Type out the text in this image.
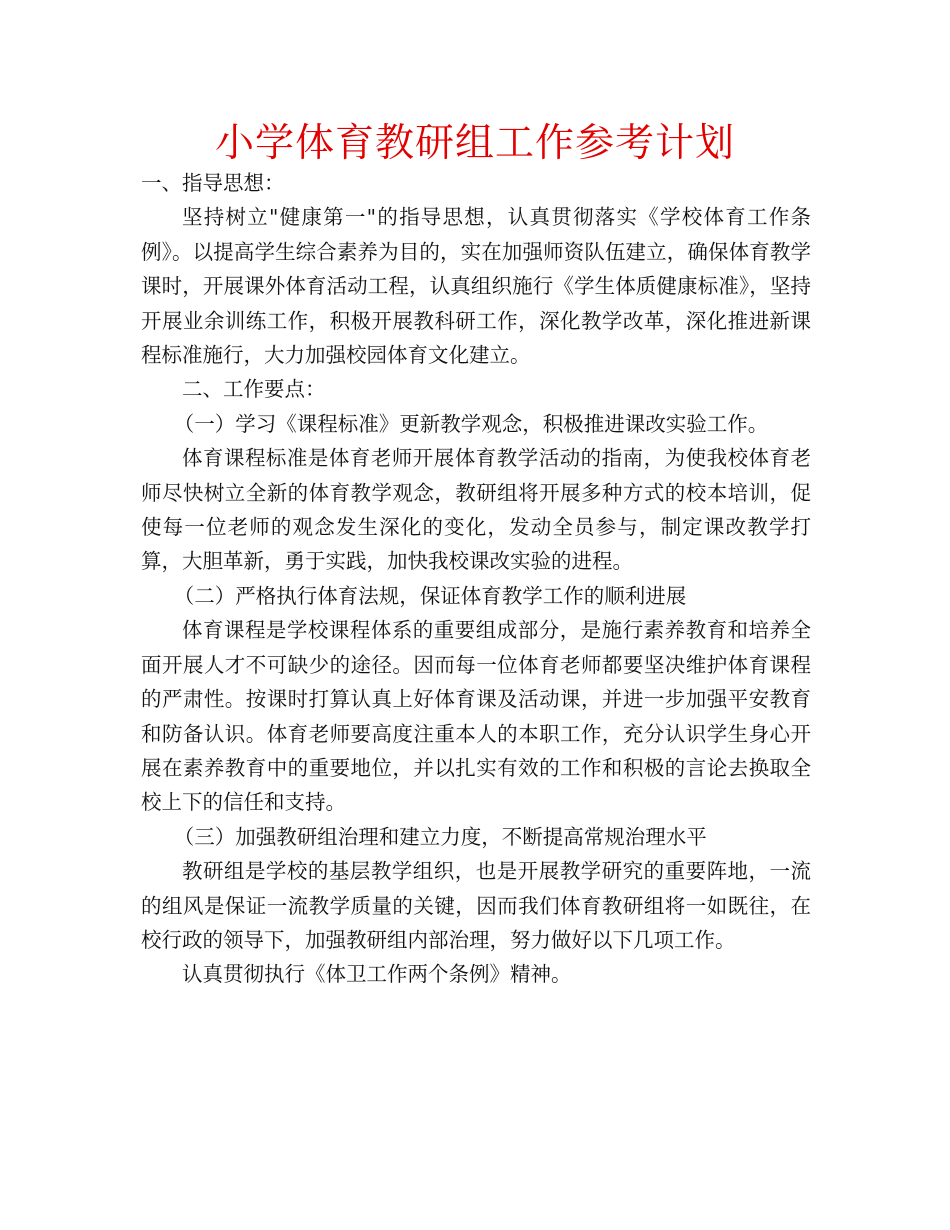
小学体育教研组工作参考计划

一、指导思想：

坚持树立"健康第一"的指导思想，认真贯彻落实《学校体育工作条例》。以提高学生综合素养为目的，实在加强师资队伍建立，确保体育教学课时，开展课外体育活动工程，认真组织施行《学生体质健康标准》，坚持开展业余训练工作，积极开展教科研工作，深化教学改革，深化推进新课程标准施行，大力加强校园体育文化建立。

二、工作要点：

（一）学习《课程标准》更新教学观念，积极推进课改实验工作。

体育课程标准是体育老师开展体育教学活动的指南，为使我校体育老师尽快树立全新的体育教学观念，教研组将开展多种方式的校本培训，促使每一位老师的观念发生深化的变化，发动全员参与，制定课改教学打算，大胆革新，勇于实践，加快我校课改实验的进程。

（二）严格执行体育法规，保证体育教学工作的顺利进展

体育课程是学校课程体系的重要组成部分，是施行素养教育和培养全面开展人才不可缺少的途径。因而每一位体育老师都要坚决维护体育课程的严肃性。按课时打算认真上好体育课及活动课，并进一步加强平安教育和防备认识。体育老师要高度注重本人的本职工作，充分认识学生身心开展在素养教育中的重要地位，并以扎实有效的工作和积极的言论去换取全校上下的信任和支持。

（三）加强教研组治理和建立力度，不断提高常规治理水平

教研组是学校的基层教学组织，也是开展教学研究的重要阵地，一流的组风是保证一流教学质量的关键，因而我们体育教研组将一如既往，在校行政的领导下，加强教研组内部治理，努力做好以下几项工作。

认真贯彻执行《体卫工作两个条例》精神。
